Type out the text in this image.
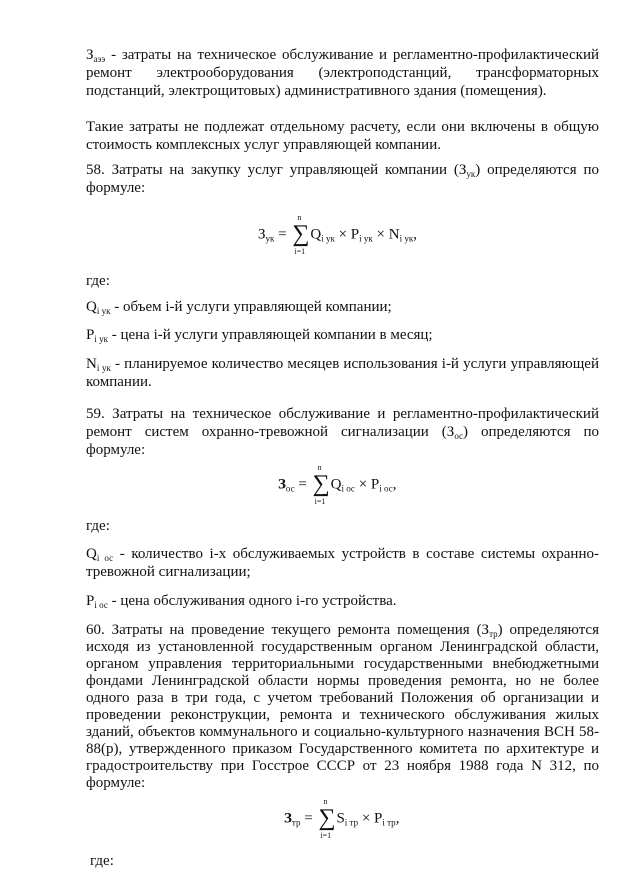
$З_{аээ}$ - затраты на техническое обслуживание и регламентно-профилактический ремонт электрооборудования (электроподстанций, трансформаторных подстанций, электрощитовых) административного здания (помещения).

Такие затраты не подлежат отдельному расчету, если они включены в общую стоимость комплексных услуг управляющей компании.

58. Затраты на закупку услуг управляющей компании $(З_{ук})$ определяются по формуле:

$З_{ук}$ =
n
∑
i=1
$Q_{i ук} \times P_{i ук} \times N_{i ук}$,
где:

$Q_{i ук}$ - объем i-й услуги управляющей компании;

$P_{i ук}$ - цена i-й услуги управляющей компании в месяц;

$N_{i ук}$ - планируемое количество месяцев использования i-й услуги управляющей компании.

59. Затраты на техническое обслуживание и регламентно-профилактический ремонт систем охранно-тревожной сигнализации $(З_{ос})$ определяются по формуле:

$З_{ос}$ =
n
∑
i=1
$Q_{i ос} \times P_{i ос}$,
где:

$Q_{i ос}$ - количество i-х обслуживаемых устройств в составе системы охранно-тревожной сигнализации;

$P_{i ос}$ - цена обслуживания одного i-го устройства.

60. Затраты на проведение текущего ремонта помещения $(З_{тр})$ определяются исходя из установленной государственным органом Ленинградской области, органом управления территориальными государственными внебюджетными фондами Ленинградской области нормы проведения ремонта, но не более одного раза в три года, с учетом требований Положения об организации и проведении реконструкции, ремонта и технического обслуживания жилых зданий, объектов коммунального и социально-культурного назначения ВСН 58-88(р), утвержденного приказом Государственного комитета по архитектуре и градостроительству при Госстрое СССР от 23 ноября 1988 года N 312, по формуле:

$З_{тр}$ =
n
∑
i=1
$S_{i тр} \times P_{i тр}$,
где:
